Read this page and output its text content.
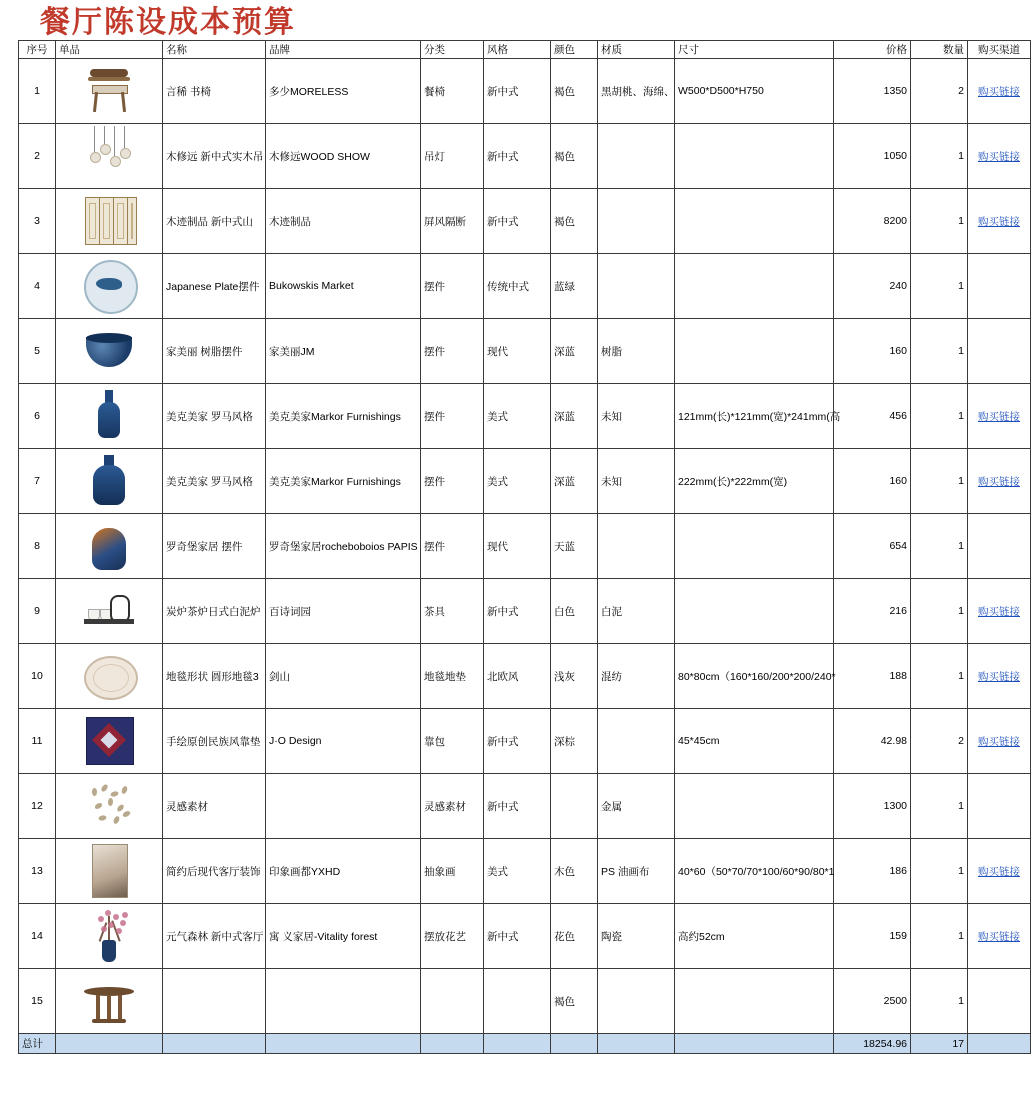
餐厅陈设成本预算
序号	单品	名称	品牌	分类	风格	颜色	材质	尺寸	价格	数量	购买渠道
1		言稀 书椅	多少MORELESS	餐椅	新中式	褐色	黑胡桃、海绵、	W500*D500*H750	1350	2	购买链接
2		木修远 新中式实木吊	木修远WOOD SHOW	吊灯	新中式	褐色			1050	1	购买链接
3		木迹制品 新中式山	木迹制品	屏风隔断	新中式	褐色			8200	1	购买链接
4		Japanese Plate摆件	Bukowskis Market	摆件	传统中式	蓝绿			240	1	
5		家美丽 树脂摆件	家美丽JM	摆件	现代	深蓝	树脂		160	1	
6		美克美家 罗马风格	美克美家Markor Furnishings	摆件	美式	深蓝	未知	121mm(长)*121mm(宽)*241mm(高	456	1	购买链接
7		美克美家 罗马风格	美克美家Markor Furnishings	摆件	美式	深蓝	未知	222mm(长)*222mm(宽)	160	1	购买链接
8		罗奇堡家居 摆件	罗奇堡家居rocheboboios PAPIS	摆件	现代	天蓝			654	1	
9		炭炉茶炉日式白泥炉	百诗词园	茶具	新中式	白色	白泥		216	1	购买链接
10		地毯形状 圆形地毯3	剑山	地毯地垫	北欧风	浅灰	混纺	80*80cm（160*160/200*200/240*	188	1	购买链接
11		手绘原创民族风靠垫	J·O Design	靠包	新中式	深棕		45*45cm	42.98	2	购买链接
12		灵感素材		灵感素材	新中式		金属		1300	1	
13		简约后现代客厅装饰	印象画都YXHD	抽象画	美式	木色	PS 油画布	40*60（50*70/70*100/60*90/80*1	186	1	购买链接
14		元气森林 新中式客厅	寓 义家居-Vitality forest	摆放花艺	新中式	花色	陶瓷	高约52cm	159	1	购买链接
15						褐色			2500	1	
总计									18254.96	17	
